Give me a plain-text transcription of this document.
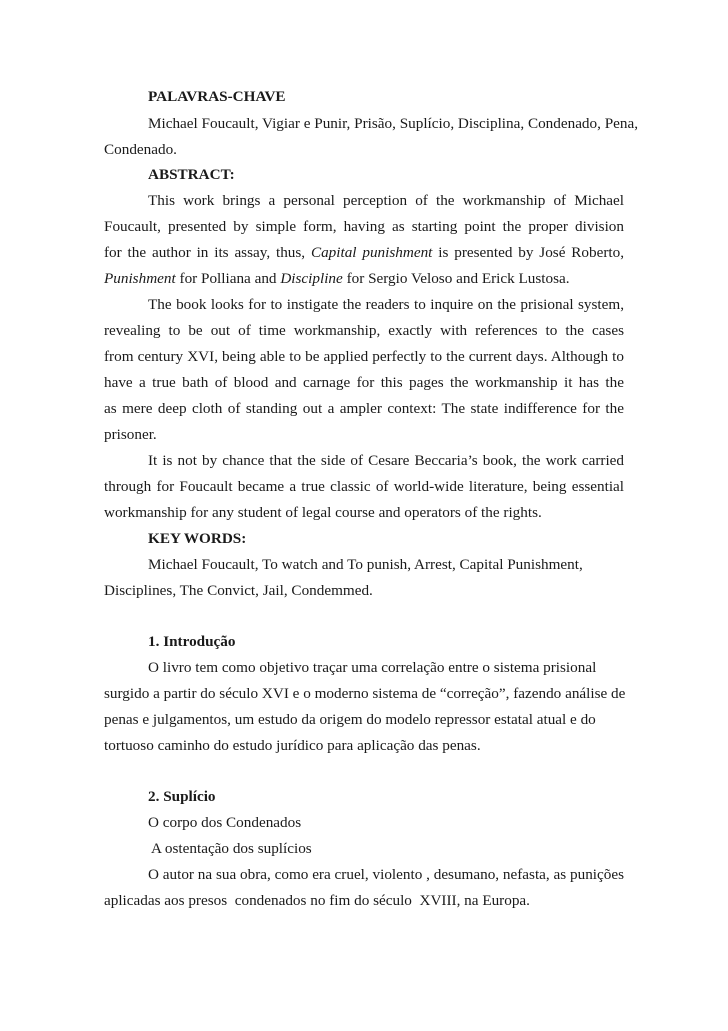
PALAVRAS-CHAVE
Michael Foucault, Vigiar e Punir, Prisão, Suplício, Disciplina, Condenado, Pena,
Condenado.
ABSTRACT:
This work brings a personal perception of the workmanship of Michael
Foucault, presented by simple form, having as starting point the proper division
for the author in its assay, thus, Capital punishment is presented by José Roberto,
Punishment for Polliana and Discipline for Sergio Veloso and Erick Lustosa.
The book looks for to instigate the readers to inquire on the prisional system,
revealing to be out of time workmanship, exactly with references to the cases
from century XVI, being able to be applied perfectly to the current days. Although to
have a true bath of blood and carnage for this pages the workmanship it has the
as mere deep cloth of standing out a ampler context: The state indifference for the
prisoner.
It is not by chance that the side of Cesare Beccaria’s book, the work carried
through for Foucault became a true classic of world-wide literature, being essential
workmanship for any student of legal course and operators of the rights.
KEY WORDS:
Michael Foucault, To watch and To punish, Arrest, Capital Punishment,
Disciplines, The Convict, Jail, Condemmed.
1. Introdução
O livro tem como objetivo traçar uma correlação entre o sistema prisional
surgido a partir do século XVI e o moderno sistema de “correção”, fazendo análise de
penas e julgamentos, um estudo da origem do modelo repressor estatal atual e do
tortuoso caminho do estudo jurídico para aplicação das penas.
2. Suplício
O corpo dos Condenados
A ostentação dos suplícios
O autor na sua obra, como era cruel, violento , desumano, nefasta, as punições
aplicadas aos presos  condenados no fim do século  XVIII, na Europa.
